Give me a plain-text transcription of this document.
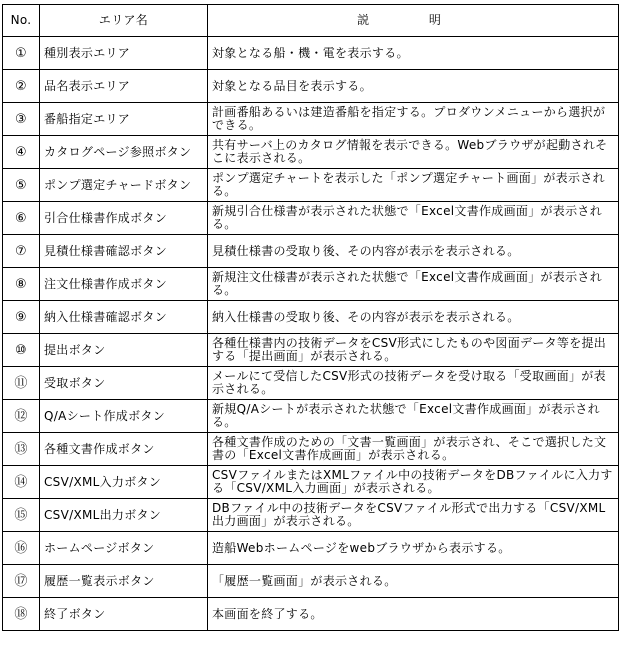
No.	エリア名	説 明
①	種別表示エリア	対象となる船・機・電を表示する。
②	品名表示エリア	対象となる品目を表示する。
③	番船指定エリア	計画番船あるいは建造番船を指定する。プロダウンメニューから選択ができる。
④	カタログページ参照ボタン	共有サーバ上のカタログ情報を表示できる。Webブラウザが起動されそこに表示される。
⑤	ポンプ選定チャードボタン	ポンプ選定チャートを表示した「ポンプ選定チャート画面」が表示される。
⑥	引合仕様書作成ボタン	新規引合仕様書が表示された状態で「Excel文書作成画面」が表示される。
⑦	見積仕様書確認ボタン	見積仕様書の受取り後、その内容が表示を表示される。
⑧	注文仕様書作成ボタン	新規注文仕様書が表示された状態で「Excel文書作成画面」が表示される。
⑨	納入仕様書確認ボタン	納入仕様書の受取り後、その内容が表示を表示される。
⑩	提出ボタン	各種仕様書内の技術データをCSV形式にしたものや図面データ等を提出する「提出画面」が表示される。
⑪	受取ボタン	メールにて受信したCSV形式の技術データを受け取る「受取画面」が表示される。
⑫	Q/Aシート作成ボタン	新規Q/Aシートが表示された状態で「Excel文書作成画面」が表示される。
⑬	各種文書作成ボタン	各種文書作成のための「文書一覧画面」が表示され、そこで選択した文書の「Excel文書作成画面」が表示される。
⑭	CSV/XML入力ボタン	CSVファイルまたはXMLファイル中の技術データをDBファイルに入力する「CSV/XML入力画面」が表示される。
⑮	CSV/XML出力ボタン	DBファイル中の技術データをCSVファイル形式で出力する「CSV/XML出力画面」が表示される。
⑯	ホームページボタン	造船Webホームページをwebブラウザから表示する。
⑰	履歴一覧表示ボタン	「履歴一覧画面」が表示される。
⑱	終了ボタン	本画面を終了する。
